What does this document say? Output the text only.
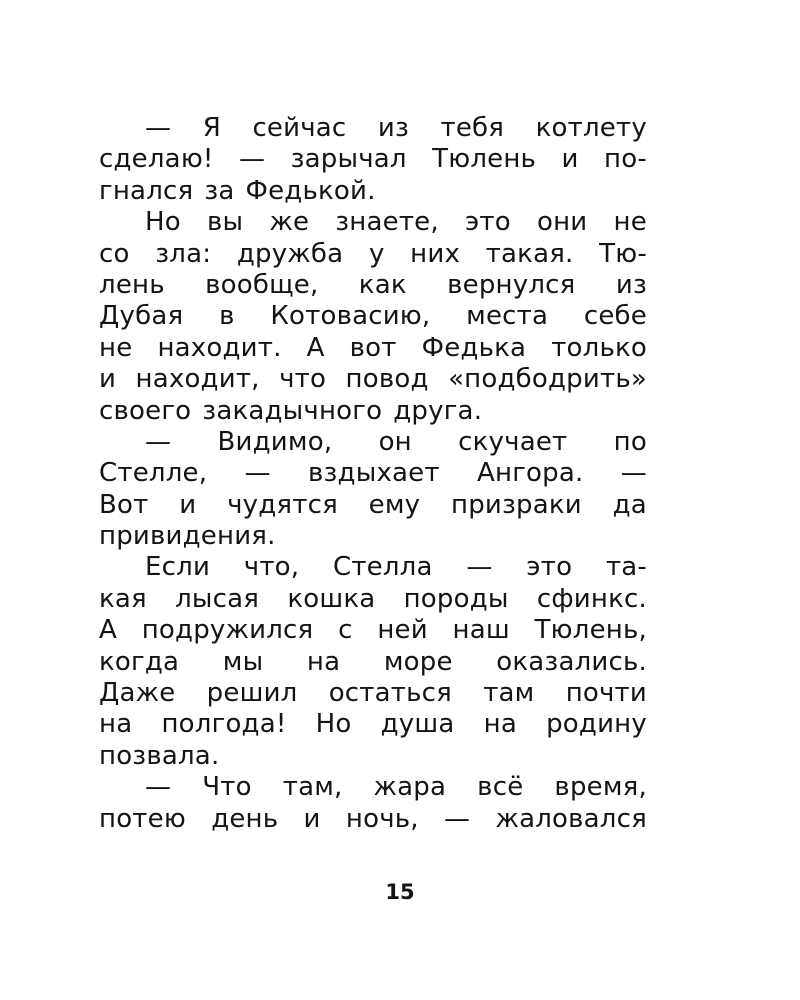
— Я сейчас из тебя котлету
сделаю! — зарычал Тюлень и по-
гнался за Федькой.
Но вы же знаете, это они не
со зла: дружба у них такая. Тю-
лень вообще, как вернулся из
Дубая в Котовасию, места себе
не находит. А вот Федька только
и находит, что повод «подбодрить»
своего закадычного друга.
— Видимо, он скучает по
Стелле, — вздыхает Ангора. —
Вот и чудятся ему призраки да
привидения.
Если что, Стелла — это та-
кая лысая кошка породы сфинкс.
А подружился с ней наш Тюлень,
когда мы на море оказались.
Даже решил остаться там почти
на полгода! Но душа на родину
позвала.
— Что там, жара всё время,
потею день и ночь, — жаловался
15
